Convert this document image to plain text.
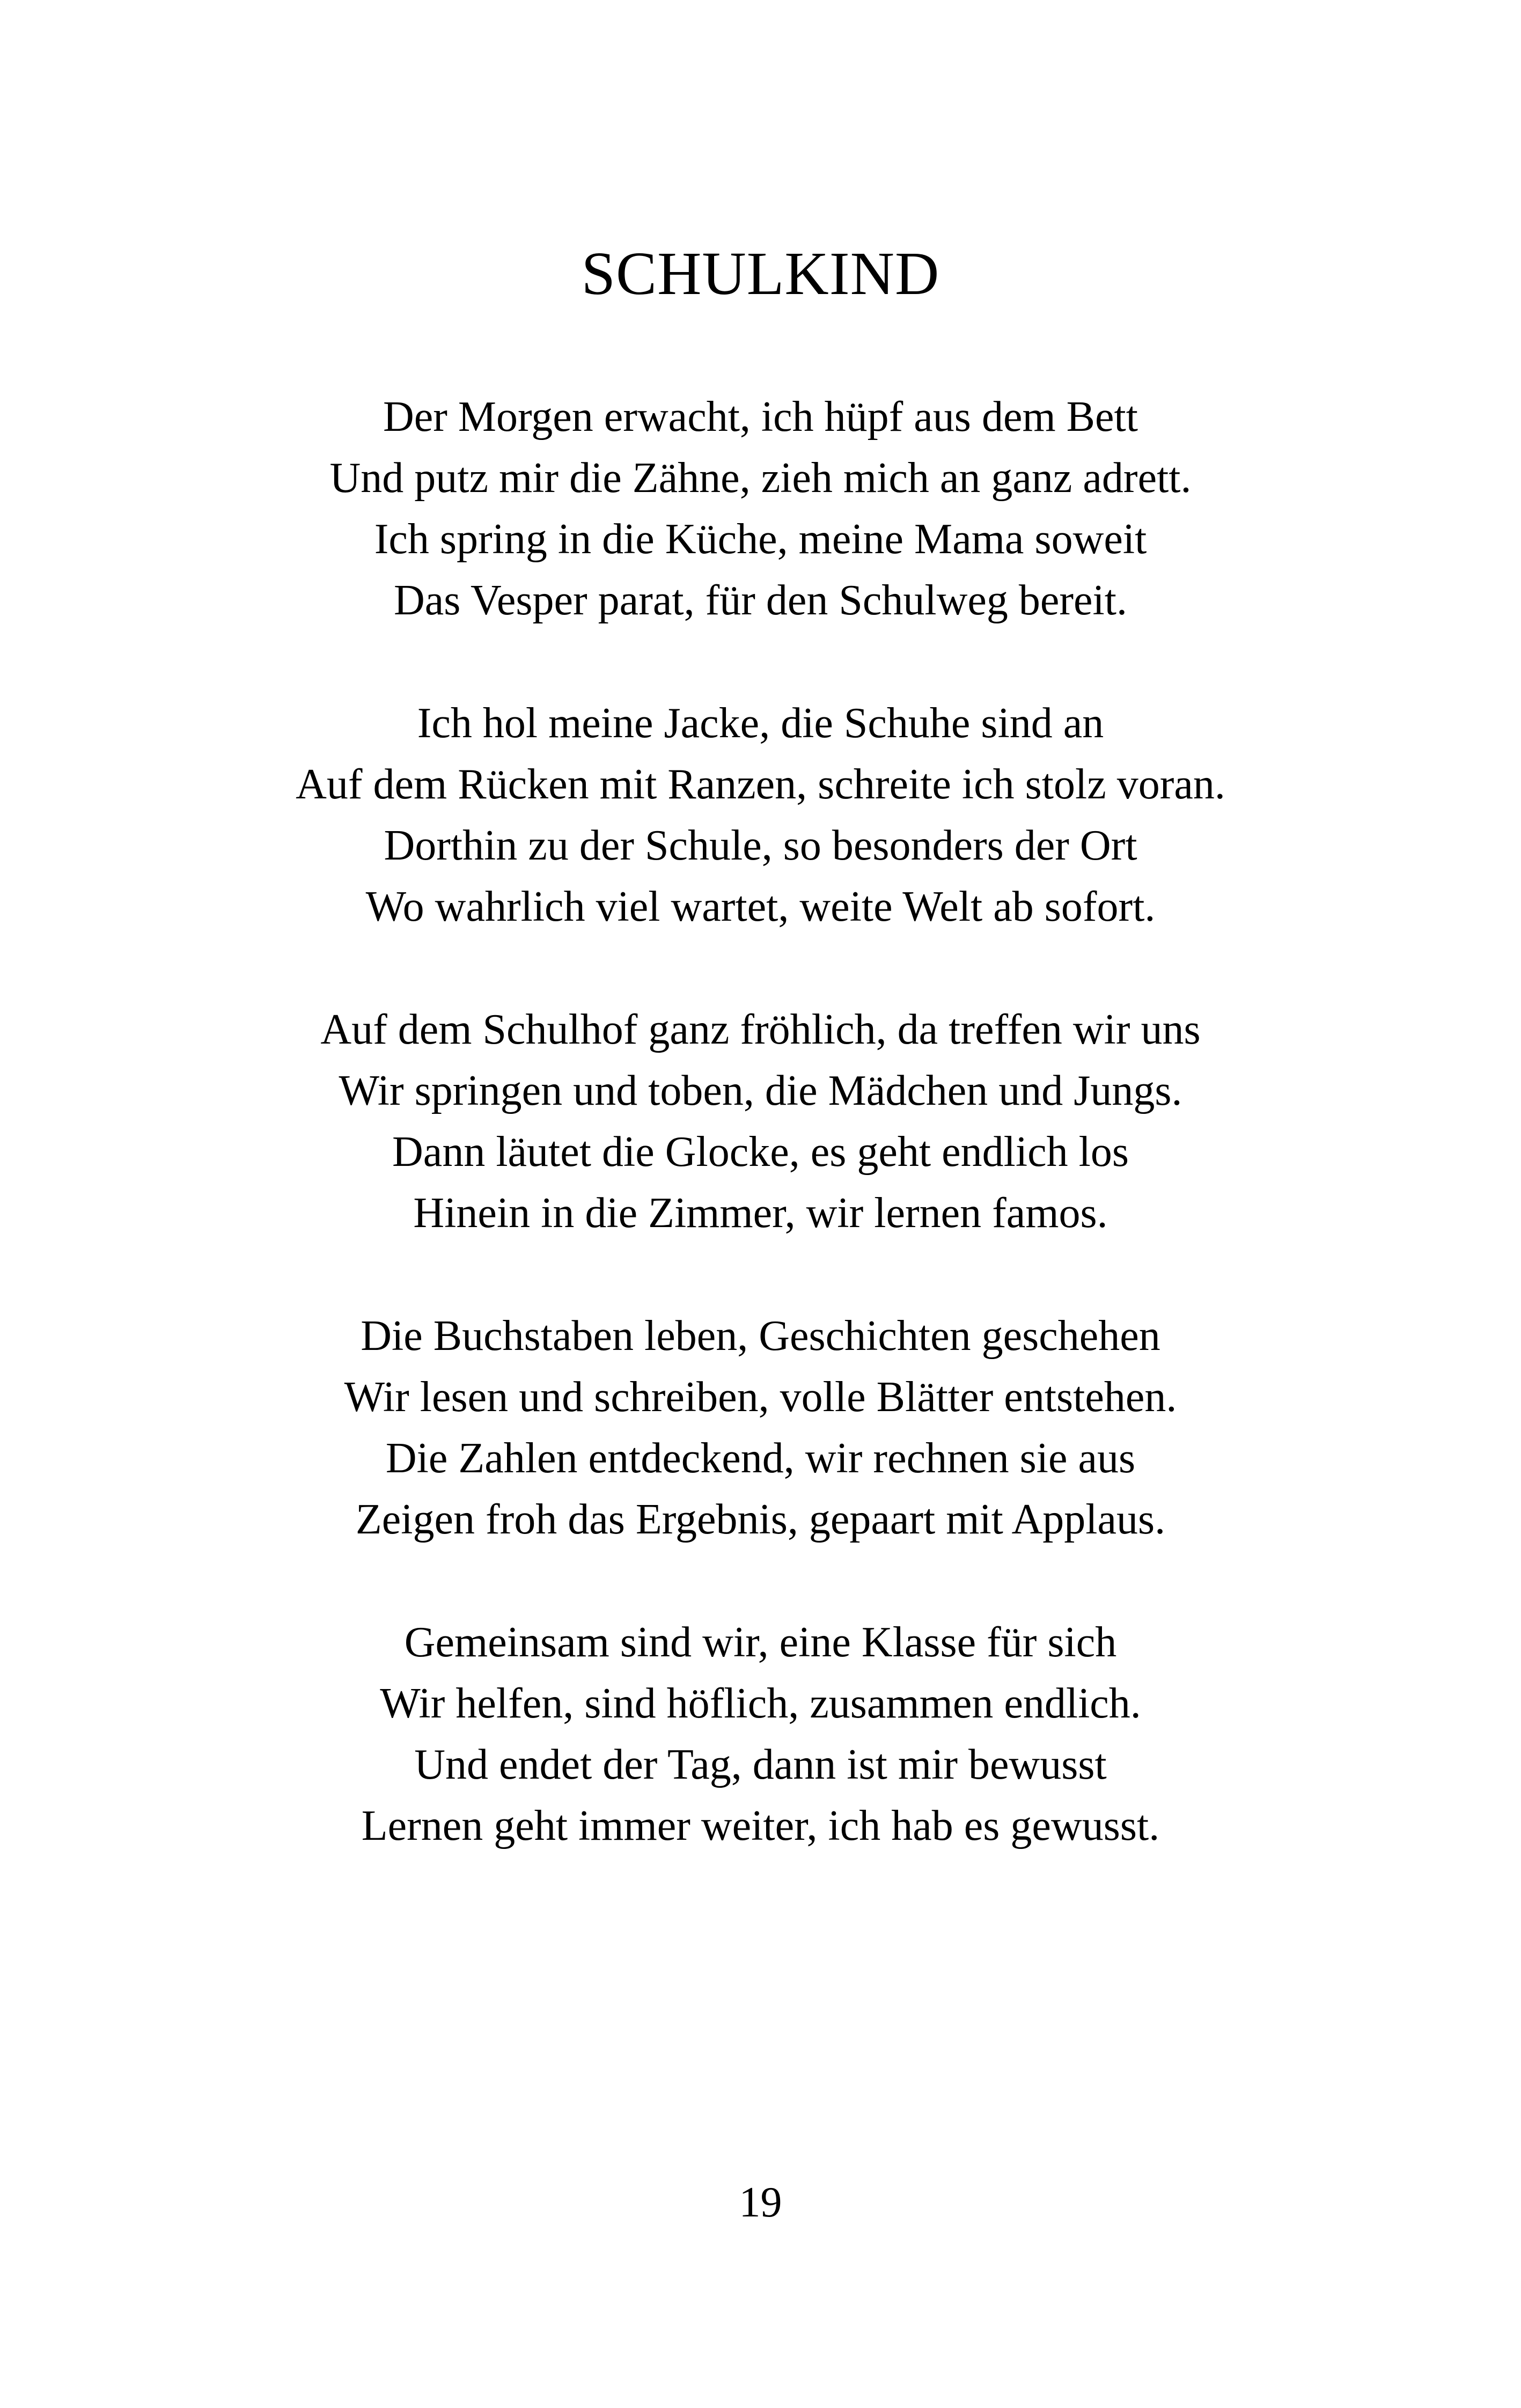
SCHULKIND
Der Morgen erwacht, ich hüpf aus dem Bett
Und putz mir die Zähne, zieh mich an ganz adrett.
Ich spring in die Küche, meine Mama soweit
Das Vesper parat, für den Schulweg bereit.
Ich hol meine Jacke, die Schuhe sind an
Auf dem Rücken mit Ranzen, schreite ich stolz voran.
Dorthin zu der Schule, so besonders der Ort
Wo wahrlich viel wartet, weite Welt ab sofort.
Auf dem Schulhof ganz fröhlich, da treffen wir uns
Wir springen und toben, die Mädchen und Jungs.
Dann läutet die Glocke, es geht endlich los
Hinein in die Zimmer, wir lernen famos.
Die Buchstaben leben, Geschichten geschehen
Wir lesen und schreiben, volle Blätter entstehen.
Die Zahlen entdeckend, wir rechnen sie aus
Zeigen froh das Ergebnis, gepaart mit Applaus.
Gemeinsam sind wir, eine Klasse für sich
Wir helfen, sind höflich, zusammen endlich.
Und endet der Tag, dann ist mir bewusst
Lernen geht immer weiter, ich hab es gewusst.
19
